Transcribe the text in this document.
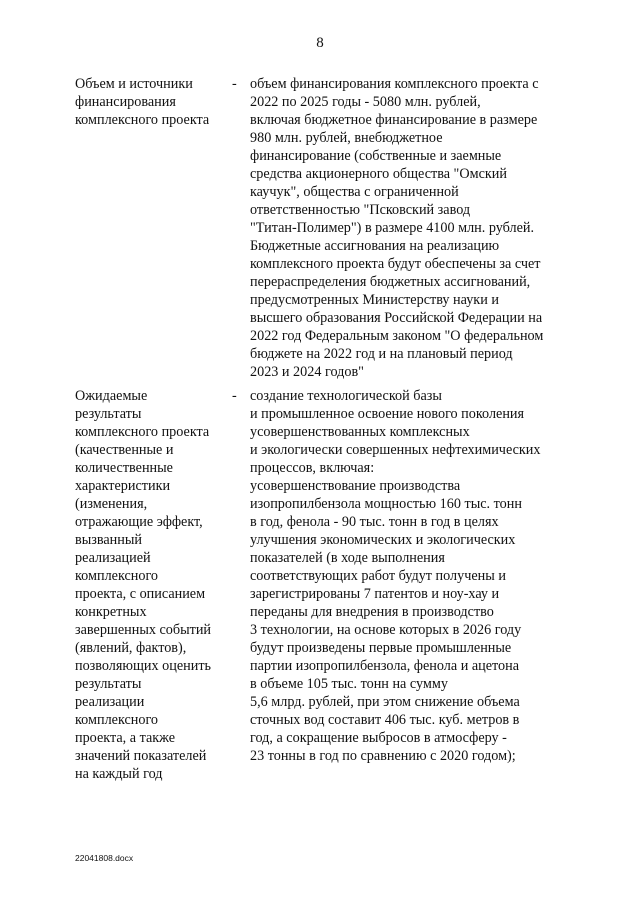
8
Объем и источники
финансирования
комплексного проекта
- объем финансирования комплексного проекта с
2022 по 2025 годы - 5080 млн. рублей,
включая бюджетное финансирование в размере
980 млн. рублей, внебюджетное
финансирование (собственные и заемные
средства акционерного общества "Омский
каучук", общества с ограниченной
ответственностью "Псковский завод
"Титан-Полимер") в размере 4100 млн. рублей.
Бюджетные ассигнования на реализацию
комплексного проекта будут обеспечены за счет
перераспределения бюджетных ассигнований,
предусмотренных Министерству науки и
высшего образования Российской Федерации на
2022 год Федеральным законом "О федеральном
бюджете на 2022 год и на плановый период
2023 и 2024 годов"
Ожидаемые
результаты
комплексного проекта
(качественные и
количественные
характеристики
(изменения,
отражающие эффект,
вызванный
реализацией
комплексного
проекта, с описанием
конкретных
завершенных событий
(явлений, фактов),
позволяющих оценить
результаты
реализации
комплексного
проекта, а также
значений показателей
на каждый год
- создание технологической базы
и промышленное освоение нового поколения
усовершенствованных комплексных
и экологически совершенных нефтехимических
процессов, включая:
усовершенствование производства
изопропилбензола мощностью 160 тыс. тонн
в год, фенола - 90 тыс. тонн в год в целях
улучшения экономических и экологических
показателей (в ходе выполнения
соответствующих работ будут получены и
зарегистрированы 7 патентов и ноу-хау и
переданы для внедрения в производство
3 технологии, на основе которых в 2026 году
будут произведены первые промышленные
партии изопропилбензола, фенола и ацетона
в объеме 105 тыс. тонн на сумму
5,6 млрд. рублей, при этом снижение объема
сточных вод составит 406 тыс. куб. метров в
год, а сокращение выбросов в атмосферу -
23 тонны в год по сравнению с 2020 годом);
22041808.docx
